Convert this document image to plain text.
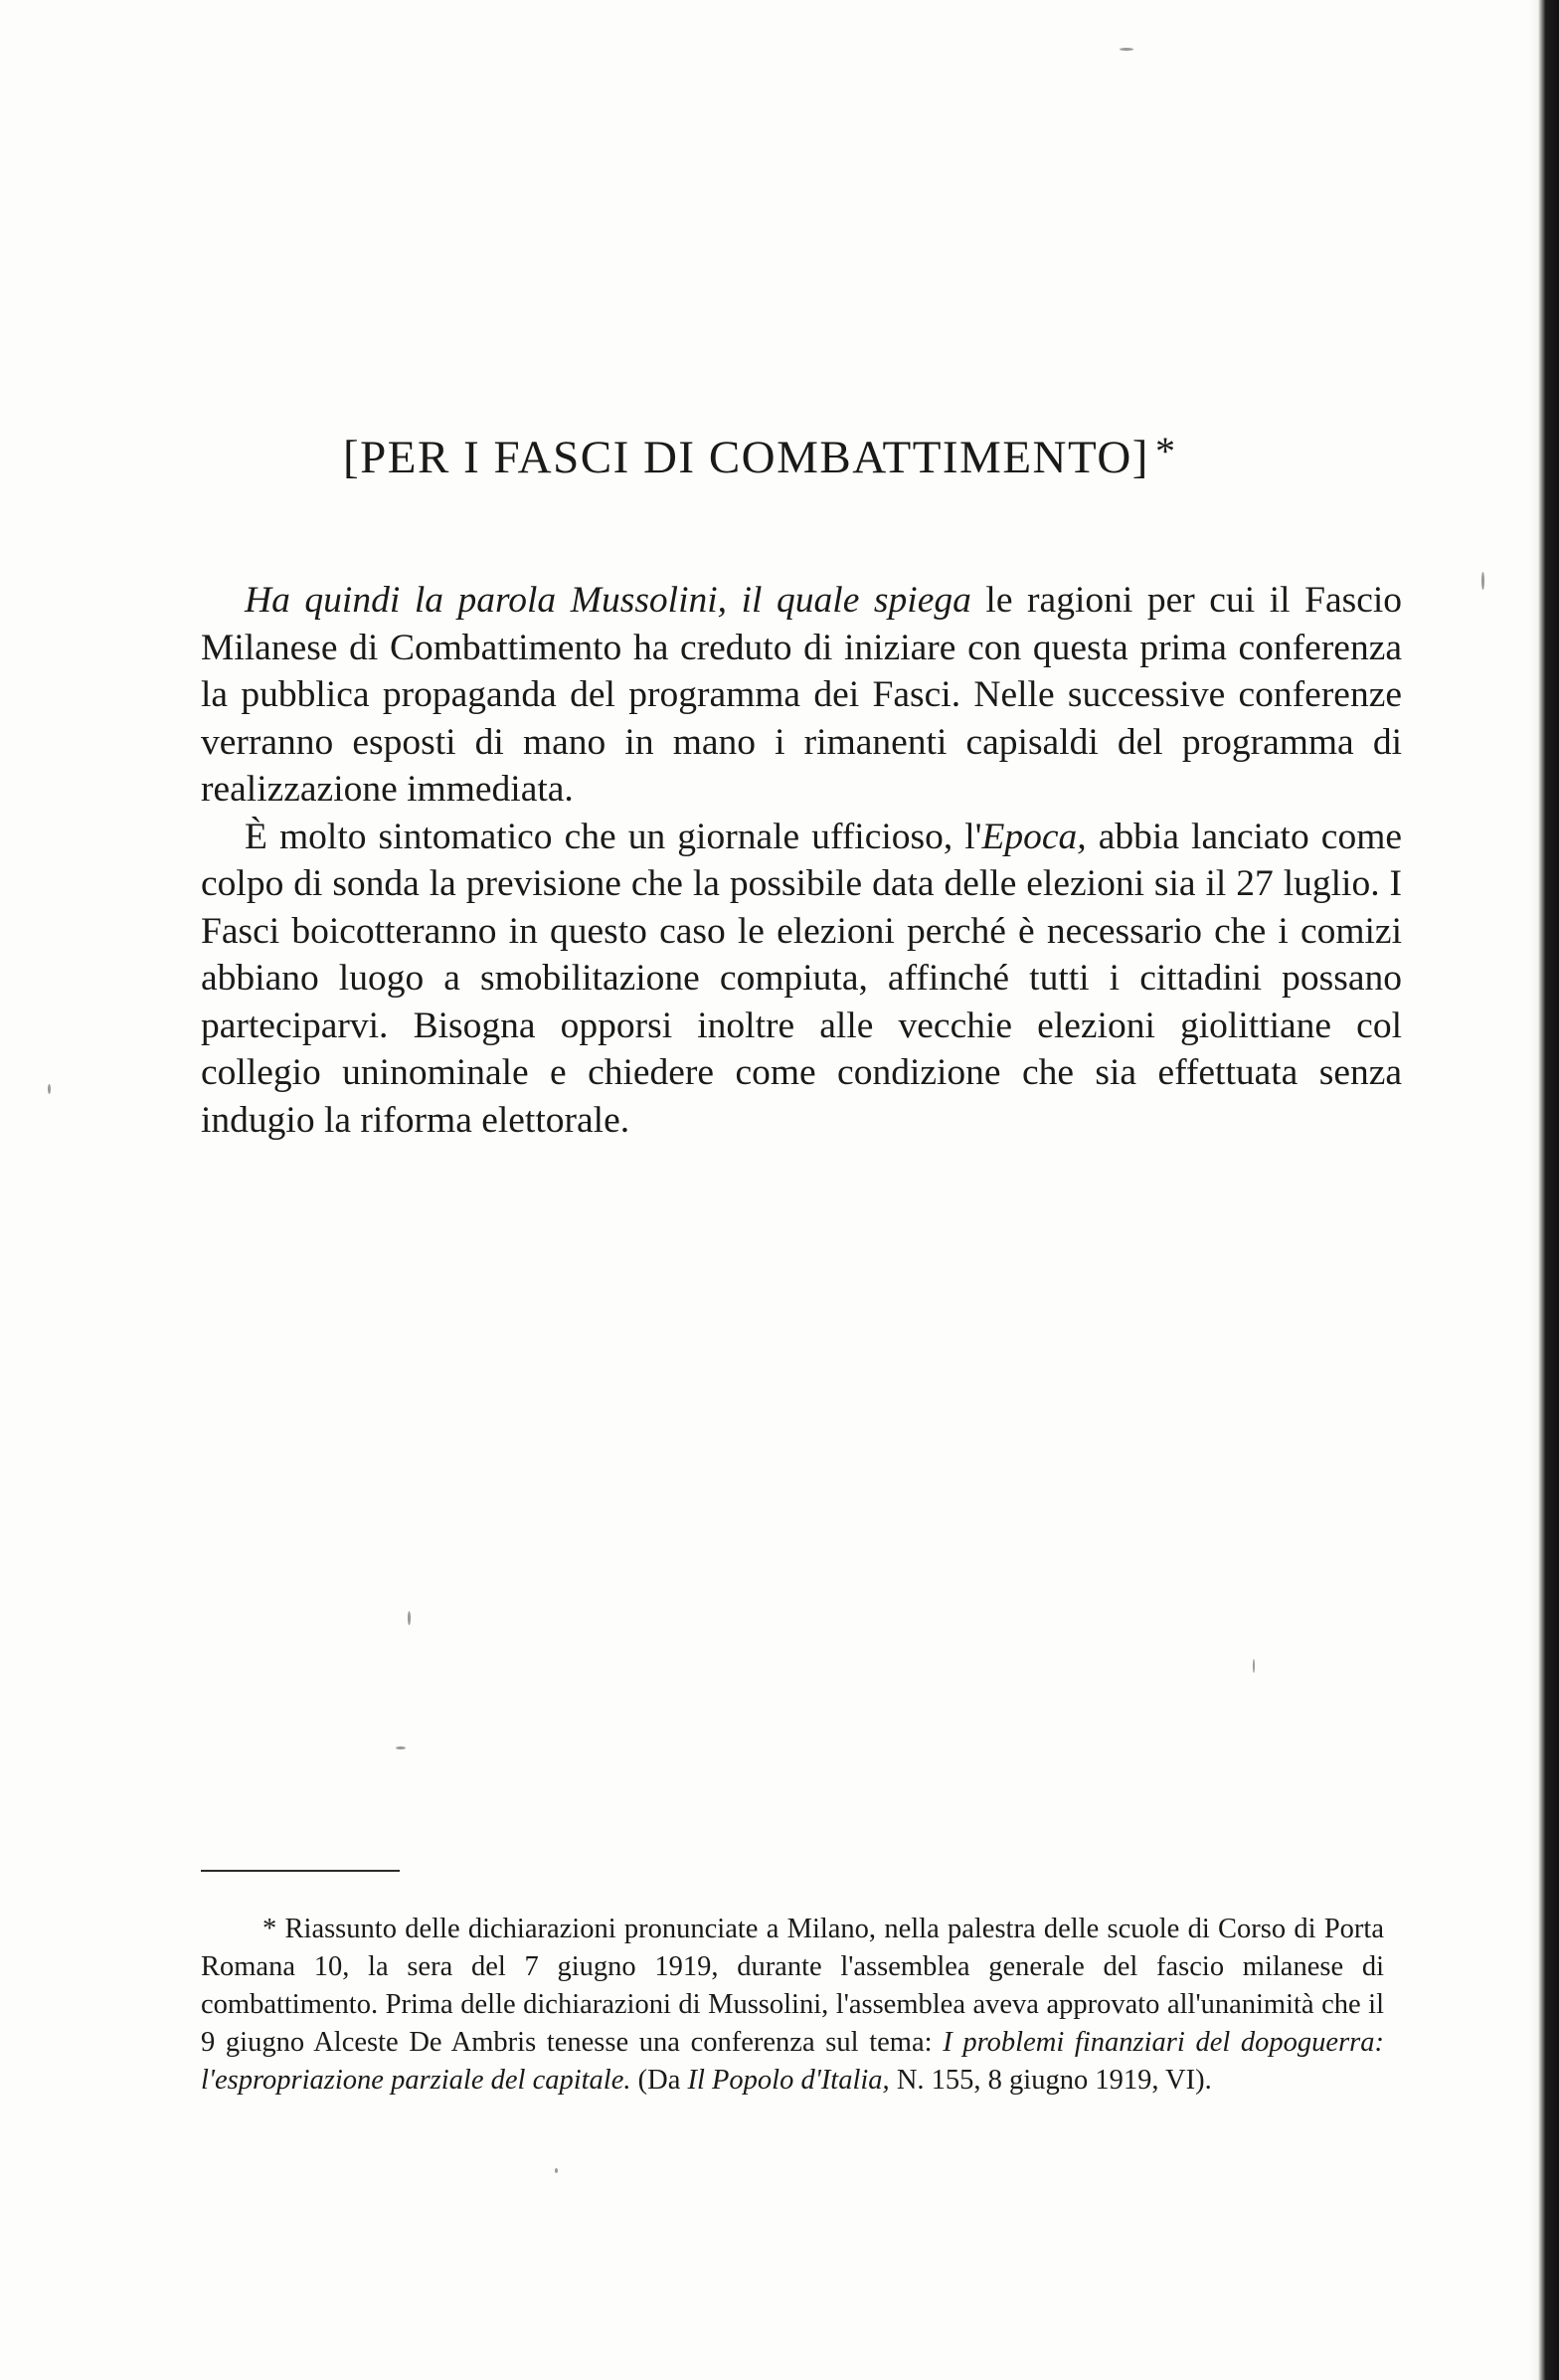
[PER I FASCI DI COMBATTIMENTO] *

Ha quindi la parola Mussolini, il quale spiega le ragioni per cui il Fascio Milanese di Combattimento ha creduto di iniziare con questa prima conferenza la pubblica propaganda del programma dei Fasci. Nelle successive conferenze verranno esposti di mano in mano i rimanenti capisaldi del programma di realizzazione immediata.

È molto sintomatico che un giornale ufficioso, l'Epoca, abbia lanciato come colpo di sonda la previsione che la possibile data delle elezioni sia il 27 luglio. I Fasci boicotteranno in questo caso le elezioni perché è necessario che i comizi abbiano luogo a smobilitazione compiuta, affinché tutti i cittadini possano parteciparvi. Bisogna opporsi inoltre alle vecchie elezioni giolittiane col collegio uninominale e chiedere come condizione che sia effettuata senza indugio la riforma elettorale.

* Riassunto delle dichiarazioni pronunciate a Milano, nella palestra delle scuole di Corso di Porta Romana 10, la sera del 7 giugno 1919, durante l'assemblea generale del fascio milanese di combattimento. Prima delle dichiarazioni di Mussolini, l'assemblea aveva approvato all'unanimità che il 9 giugno Alceste De Ambris tenesse una conferenza sul tema: I problemi finanziari del dopoguerra: l'espropriazione parziale del capitale. (Da Il Popolo d'Italia, N. 155, 8 giugno 1919, VI).
